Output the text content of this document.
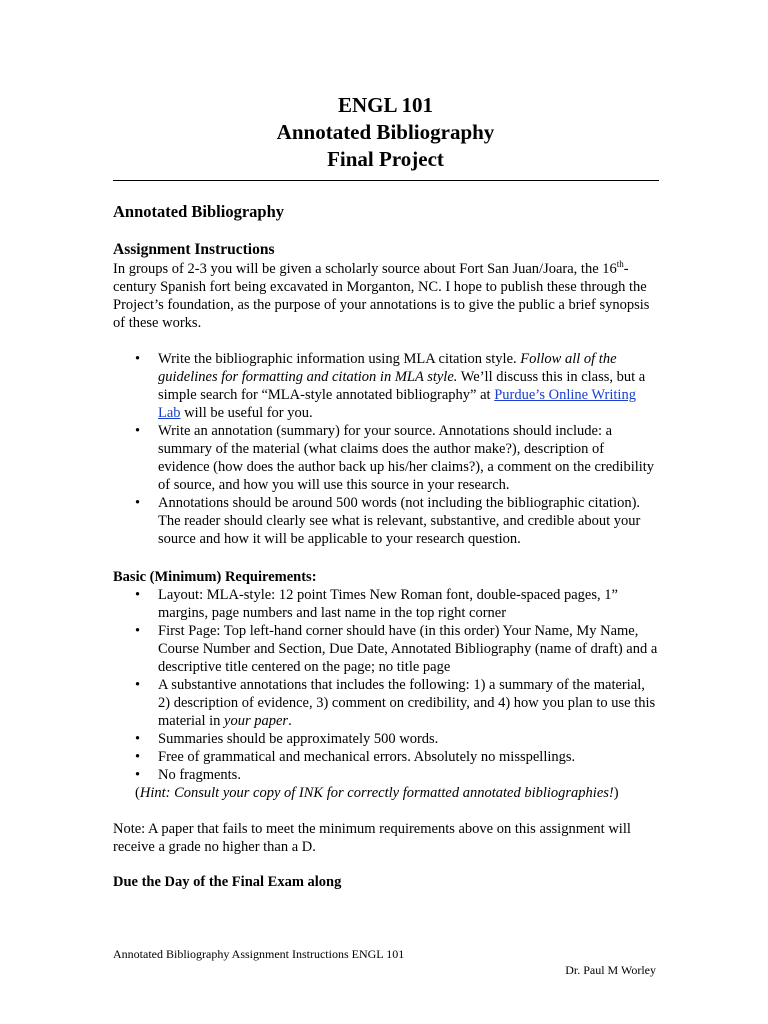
ENGL 101
Annotated Bibliography
Final Project
Annotated Bibliography
Assignment Instructions

In groups of 2-3 you will be given a scholarly source about Fort San Juan/Joara, the 16th-century Spanish fort being excavated in Morganton, NC. I hope to publish these through the Project’s foundation, as the purpose of your annotations is to give the public a brief synopsis of these works.

• Write the bibliographic information using MLA citation style. Follow all of the guidelines for formatting and citation in MLA style. We’ll discuss this in class, but a simple search for “MLA-style annotated bibliography” at Purdue’s Online Writing Lab will be useful for you.
• Write an annotation (summary) for your source. Annotations should include: a summary of the material (what claims does the author make?), description of evidence (how does the author back up his/her claims?), a comment on the credibility of source, and how you will use this source in your research.
• Annotations should be around 500 words (not including the bibliographic citation). The reader should clearly see what is relevant, substantive, and credible about your source and how it will be applicable to your research question.

Basic (Minimum) Requirements:

• Layout: MLA-style: 12 point Times New Roman font, double-spaced pages, 1” margins, page numbers and last name in the top right corner
• First Page: Top left-hand corner should have (in this order) Your Name, My Name, Course Number and Section, Due Date, Annotated Bibliography (name of draft) and a descriptive title centered on the page; no title page
• A substantive annotations that includes the following: 1) a summary of the material, 2) description of evidence, 3) comment on credibility, and 4) how you plan to use this material in your paper.
• Summaries should be approximately 500 words.
• Free of grammatical and mechanical errors. Absolutely no misspellings.
• No fragments.

(Hint: Consult your copy of INK for correctly formatted annotated bibliographies!)

Note: A paper that fails to meet the minimum requirements above on this assignment will receive a grade no higher than a D.

Due the Day of the Final Exam along

Annotated Bibliography Assignment Instructions ENGL 101
Dr. Paul M Worley
